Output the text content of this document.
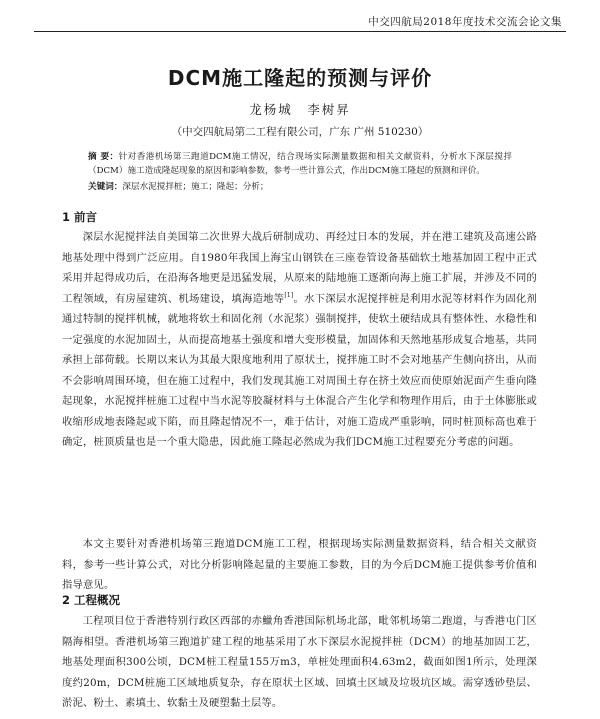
中交四航局2018年度技术交流会论文集
DCM施工隆起的预测与评价
龙杨城　李树昇
（中交四航局第二工程有限公司，广东 广州 510230）
摘 要：针对香港机场第三跑道DCM施工情况，结合现场实际测量数据和相关文献资料，分析水下深层搅拌（DCM）施工造成隆起现象的原因和影响参数，参考一些计算公式，作出DCM施工隆起的预测和评价。
关键词：深层水泥搅拌桩；施工；隆起；分析；
1 前言
深层水泥搅拌法自美国第二次世界大战后研制成功、再经过日本的发展，并在港工建筑及高速公路地基处理中得到广泛应用。自1980年我国上海宝山钢铁在三座卷管设备基础软土地基加固工程中正式采用并起得成功后，在沿海各地更是迅猛发展，从原来的陆地施工逐渐向海上施工扩展，并涉及不同的工程领域，有房屋建筑、机场建设，填海造地等[1]。水下深层水泥搅拌桩是利用水泥等材料作为固化剂通过特制的搅拌机械，就地将软土和固化剂（水泥浆）强制搅拌，使软土硬结成具有整体性、水稳性和一定强度的水泥加固土，从而提高地基土强度和增大变形模量，加固体和天然地基形成复合地基，共同承担上部荷载。长期以来认为其最大限度地利用了原状土，搅拌施工时不会对地基产生侧向挤出，从而不会影响周围环境，但在施工过程中，我们发现其施工对周围土存在挤土效应而使原始泥面产生垂向隆起现象，水泥搅拌桩施工过程中当水泥等胶凝材料与土体混合产生化学和物理作用后，由于土体膨胀或收缩形成地表隆起或下陷，而且隆起情况不一，难于估计，对施工造成严重影响，同时桩顶标高也难于确定，桩顶质量也是一个重大隐患，因此施工隆起必然成为我们DCM施工过程要充分考虑的问题。
本文主要针对香港机场第三跑道DCM施工工程，根据现场实际测量数据资料，结合相关文献资料，参考一些计算公式，对比分析影响隆起量的主要施工参数，目的为今后DCM施工提供参考价值和指导意见。
2 工程概况
工程项目位于香港特别行政区西部的赤鱲角香港国际机场北部，毗邻机场第二跑道，与香港屯门区隔海相望。香港机场第三跑道扩建工程的地基采用了水下深层水泥搅拌桩（DCM）的地基加固工艺，地基处理面积300公顷，DCM桩工程量155万m3，单桩处理面积4.63m2，截面如图1所示，处理深度约20m，DCM桩施工区域地质复杂，存在原状土区域、回填土区域及垃圾坑区域。需穿透砂垫层、淤泥、粉土、素填土、软黏土及硬塑黏土层等。
